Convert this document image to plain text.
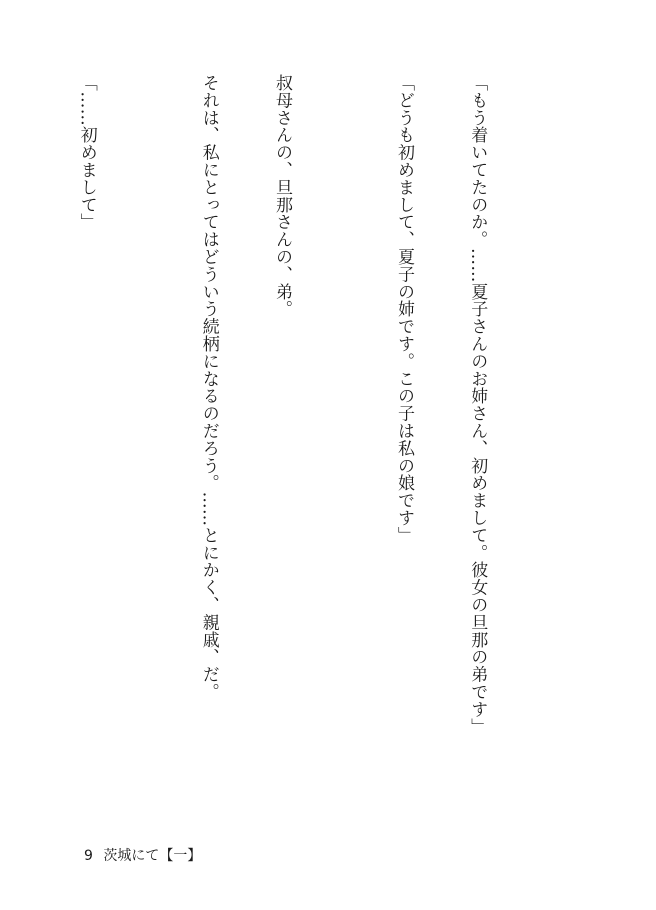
「もう着いてたのか。……夏子さんのお姉さん、初めまして。彼女の旦那の弟です」

「どうも初めまして、夏子の姉です。この子は私の娘です」

叔母さんの、旦那さんの、弟。

それは、私にとってはどういう続柄になるのだろう。……とにかく、親戚、だ。

「……初めまして」

9 茨城にて【一】
